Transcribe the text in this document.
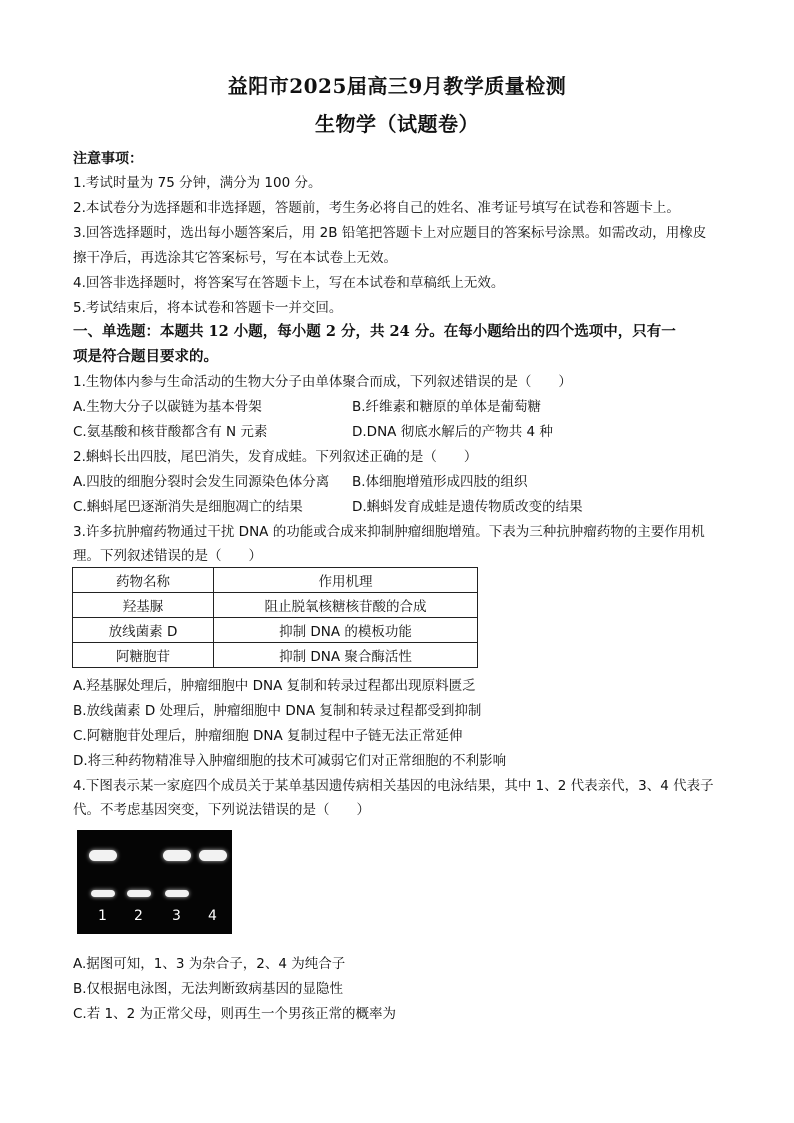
益阳市2025届高三9月教学质量检测
生物学（试题卷）
注意事项：
1.考试时量为 75 分钟，满分为 100 分。
2.本试卷分为选择题和非选择题，答题前，考生务必将自己的姓名、准考证号填写在试卷和答题卡上。
3.回答选择题时，选出每小题答案后，用 2B 铅笔把答题卡上对应题目的答案标号涂黑。如需改动，用橡皮
擦干净后，再选涂其它答案标号，写在本试卷上无效。
4.回答非选择题时，将答案写在答题卡上，写在本试卷和草稿纸上无效。
5.考试结束后，将本试卷和答题卡一并交回。
一、单选题：本题共 12 小题，每小题 2 分，共 24 分。在每小题给出的四个选项中，只有一
项是符合题目要求的。
1.生物体内参与生命活动的生物大分子由单体聚合而成，下列叙述错误的是（　　）
A.生物大分子以碳链为基本骨架	B.纤维素和糖原的单体是葡萄糖
C.氨基酸和核苷酸都含有 N 元素	D.DNA 彻底水解后的产物共 4 种
2.蝌蚪长出四肢，尾巴消失，发育成蛙。下列叙述正确的是（　　）
A.四肢的细胞分裂时会发生同源染色体分离 B.体细胞增殖形成四肢的组织
C.蝌蚪尾巴逐渐消失是细胞凋亡的结果	D.蝌蚪发育成蛙是遗传物质改变的结果
3.许多抗肿瘤药物通过干扰 DNA 的功能或合成来抑制肿瘤细胞增殖。下表为三种抗肿瘤药物的主要作用机
理。下列叙述错误的是（　　）
药物名称	作用机理
羟基脲	阻止脱氧核糖核苷酸的合成
放线菌素 D	抑制 DNA 的模板功能
阿糖胞苷	抑制 DNA 聚合酶活性
A.羟基脲处理后，肿瘤细胞中 DNA 复制和转录过程都出现原料匮乏
B.放线菌素 D 处理后，肿瘤细胞中 DNA 复制和转录过程都受到抑制
C.阿糖胞苷处理后，肿瘤细胞 DNA 复制过程中子链无法正常延伸
D.将三种药物精准导入肿瘤细胞的技术可减弱它们对正常细胞的不利影响
4.下图表示某一家庭四个成员关于某单基因遗传病相关基因的电泳结果，其中 1、2 代表亲代，3、4 代表子
代。不考虑基因突变，下列说法错误的是（　　）
1 2 3 4
A.据图可知，1、3 为杂合子，2、4 为纯合子
B.仅根据电泳图，无法判断致病基因的显隐性
C.若 1、2 为正常父母，则再生一个男孩正常的概率为
